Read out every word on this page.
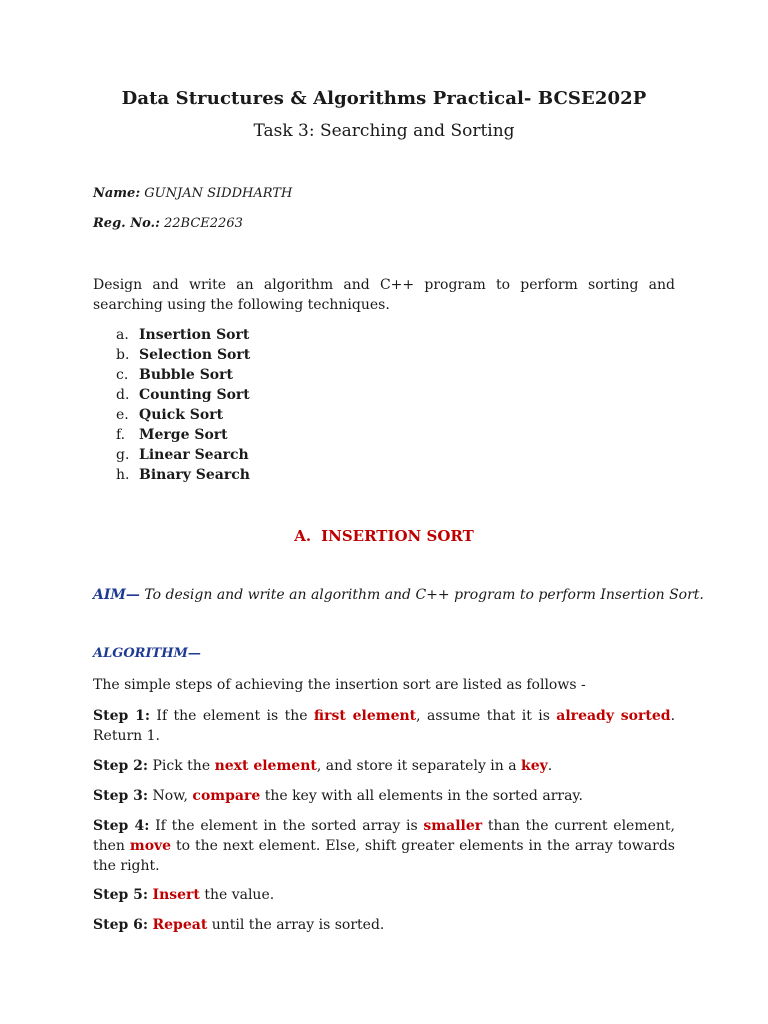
Data Structures & Algorithms Practical- BCSE202P
Task 3: Searching and Sorting
Name: GUNJAN SIDDHARTH
Reg. No.: 22BCE2263
Design and write an algorithm and C++ program to perform sorting and searching using the following techniques.
a. Insertion Sort
b. Selection Sort
c. Bubble Sort
d. Counting Sort
e. Quick Sort
f. Merge Sort
g. Linear Search
h. Binary Search
A. INSERTION SORT
AIM— To design and write an algorithm and C++ program to perform Insertion Sort.
ALGORITHM—
The simple steps of achieving the insertion sort are listed as follows -
Step 1: If the element is the first element, assume that it is already sorted. Return 1.
Step 2: Pick the next element, and store it separately in a key.
Step 3: Now, compare the key with all elements in the sorted array.
Step 4: If the element in the sorted array is smaller than the current element, then move to the next element. Else, shift greater elements in the array towards the right.
Step 5: Insert the value.
Step 6: Repeat until the array is sorted.
